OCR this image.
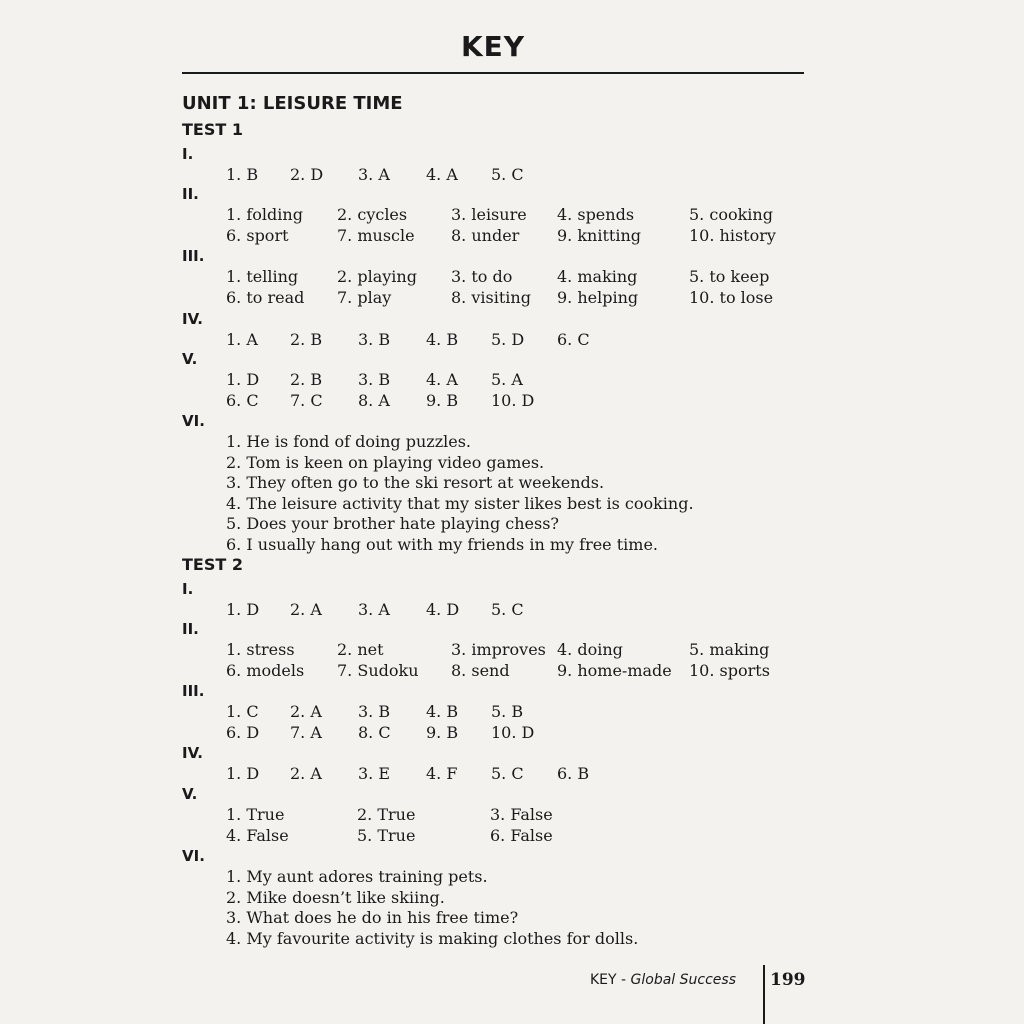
KEY
UNIT 1: LEISURE TIME
TEST 1
I.
1. B 2. D 3. A 4. A 5. C
II.
1. folding 2. cycles	3. leisure 4. spends	5. cooking
6. sport	7. muscle 8. under 9. knitting	10. history
III.
1. telling 2. playing 3. to do	4. making	5. to keep
6. to read 7. play	8. visiting 9. helping	10. to lose
IV.
1. A 2. B 3. B 4. B 5. D 6. C
V.
1. D 2. B 3. B 4. A 5. A
6. C 7. C 8. A 9. B 10. D
VI.
1. He is fond of doing puzzles.
2. Tom is keen on playing video games.
3. They often go to the ski resort at weekends.
4. The leisure activity that my sister likes best is cooking.
5. Does your brother hate playing chess?
6. I usually hang out with my friends in my free time.
TEST 2
I.
1. D 2. A 3. A 4. D 5. C
II.
1. stress	2. net	3. improves 4. doing	5. making
6. models 7. Sudoku 8. send	9. home-made 10. sports
III.
1. C 2. A 3. B 4. B 5. B
6. D 7. A 8. C 9. B 10. D
IV.
1. D 2. A 3. E 4. F 5. C 6. B
V.
1. True	2. True	3. False
4. False	5. True	6. False
VI.
1. My aunt adores training pets.
2. Mike doesn’t like skiing.
3. What does he do in his free time?
4. My favourite activity is making clothes for dolls.
KEY - Global Success 199
